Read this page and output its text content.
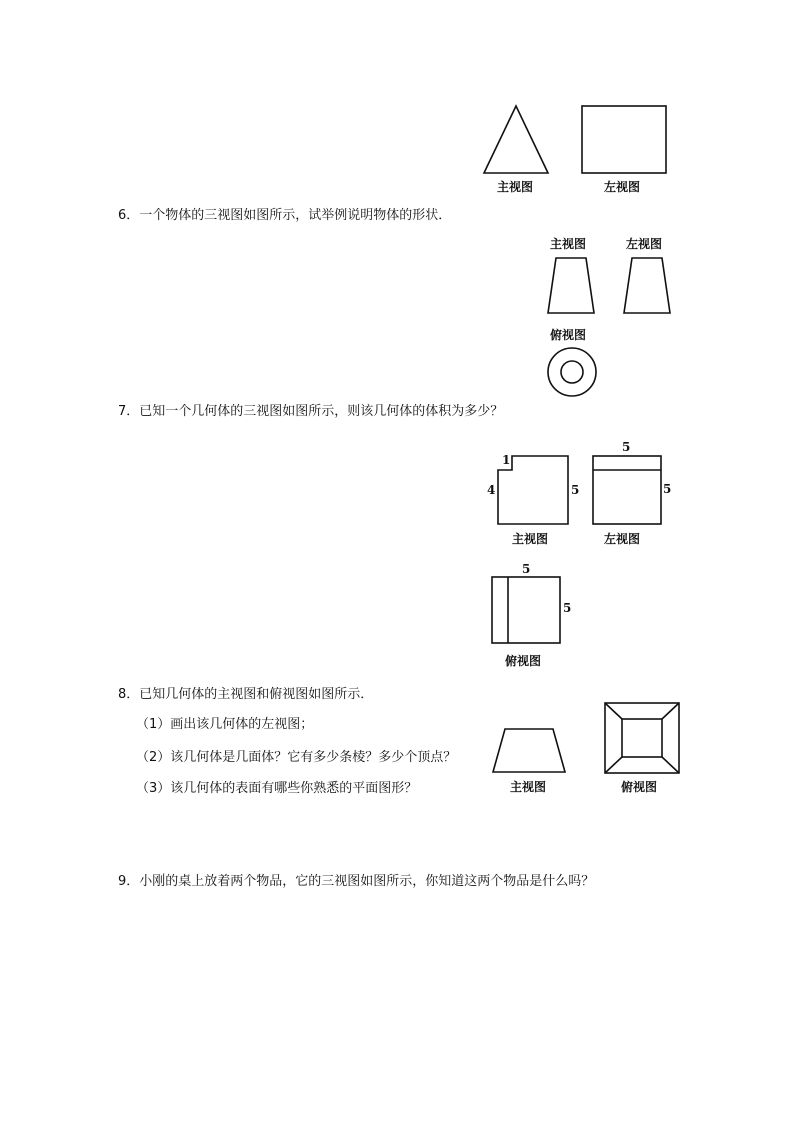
主视图	左视图
6．一个物体的三视图如图所示，试举例说明物体的形状．
主视图	左视图
俯视图
7．已知一个几何体的三视图如图所示，则该几何体的体积为多少？
1
4	5
主视图
5
5
左视图
5
5
俯视图
8．已知几何体的主视图和俯视图如图所示．
（1）画出该几何体的左视图；
（2）该几何体是几面体？它有多少条棱？多少个顶点？
（3）该几何体的表面有哪些你熟悉的平面图形？	主视图	俯视图
9．小刚的桌上放着两个物品，它的三视图如图所示，你知道这两个物品是什么吗？
